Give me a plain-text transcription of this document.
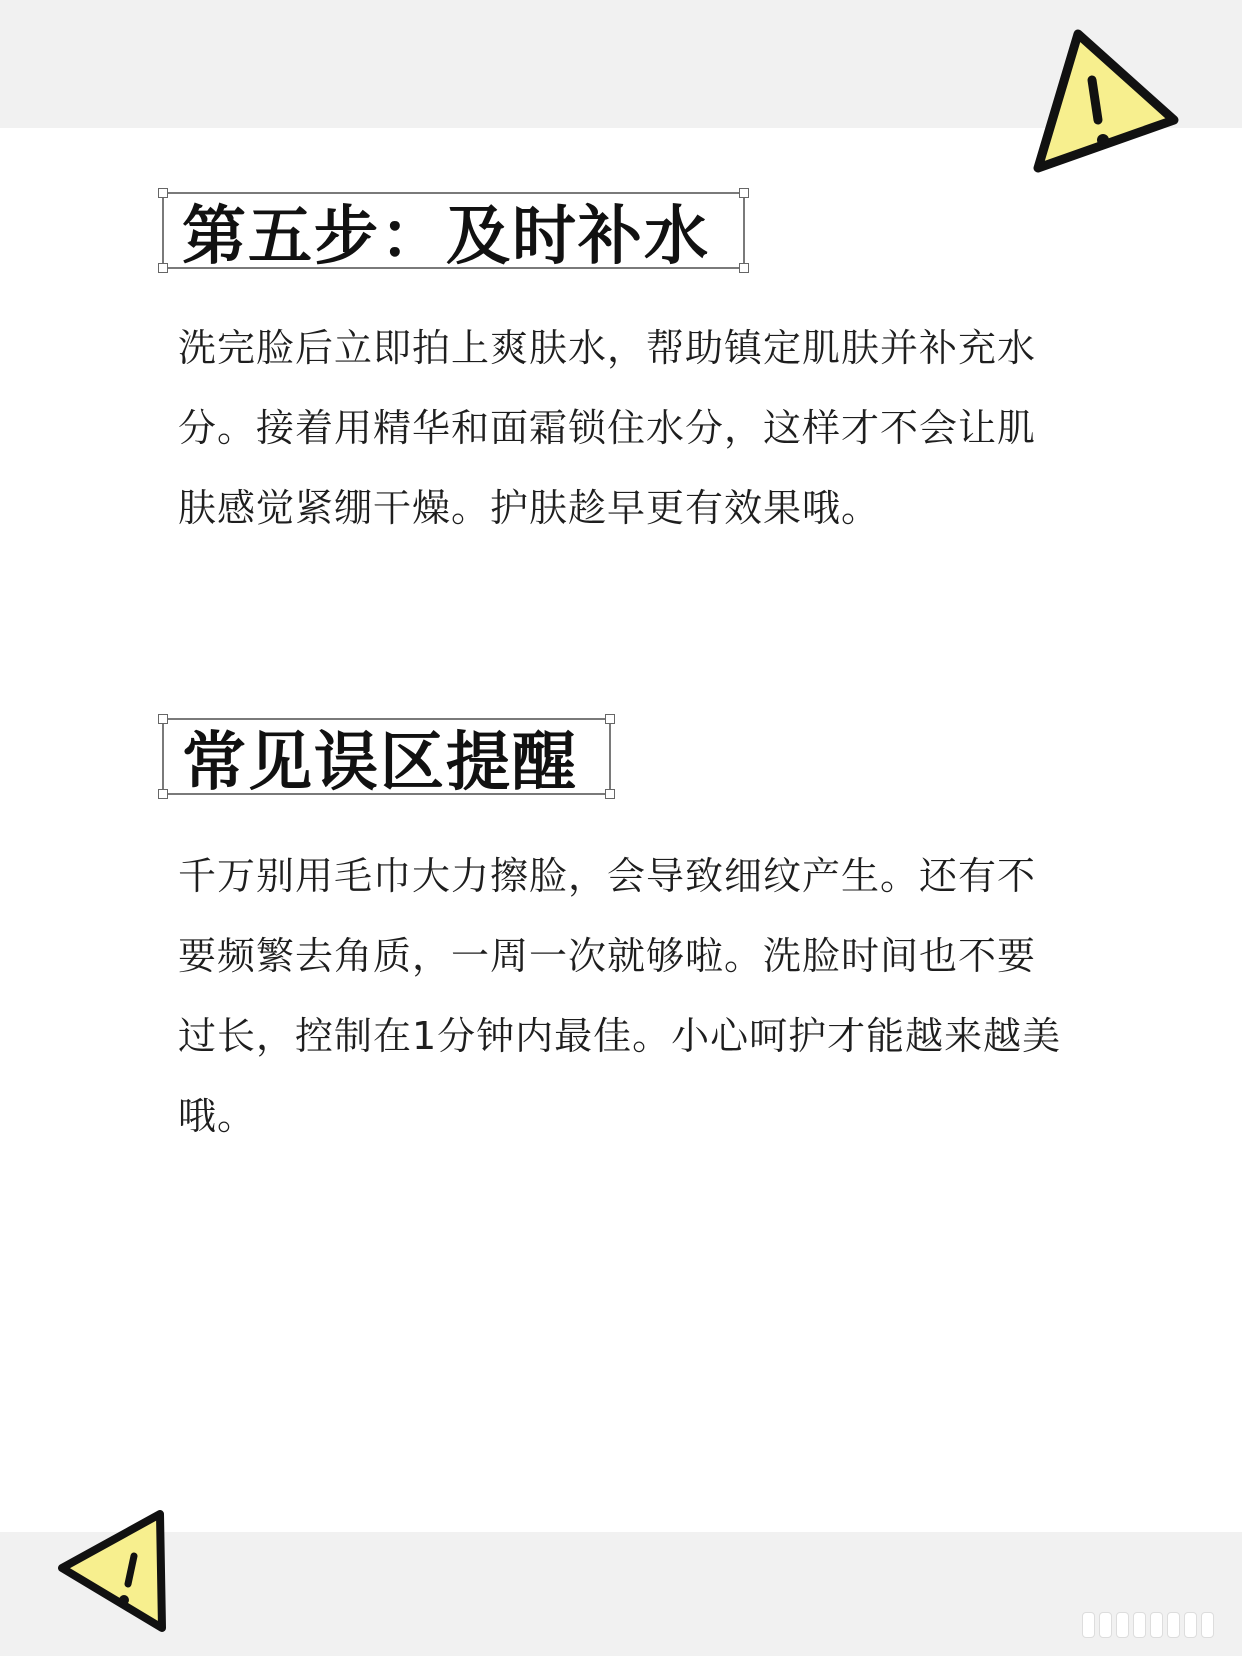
第五步：及时补水
洗完脸后立即拍上爽肤水，帮助镇定肌肤并补充水分。接着用精华和面霜锁住水分，这样才不会让肌肤感觉紧绷干燥。护肤趁早更有效果哦。
常见误区提醒
千万别用毛巾大力擦脸，会导致细纹产生。还有不要频繁去角质，一周一次就够啦。洗脸时间也不要过长，控制在1分钟内最佳。小心呵护才能越来越美哦。
